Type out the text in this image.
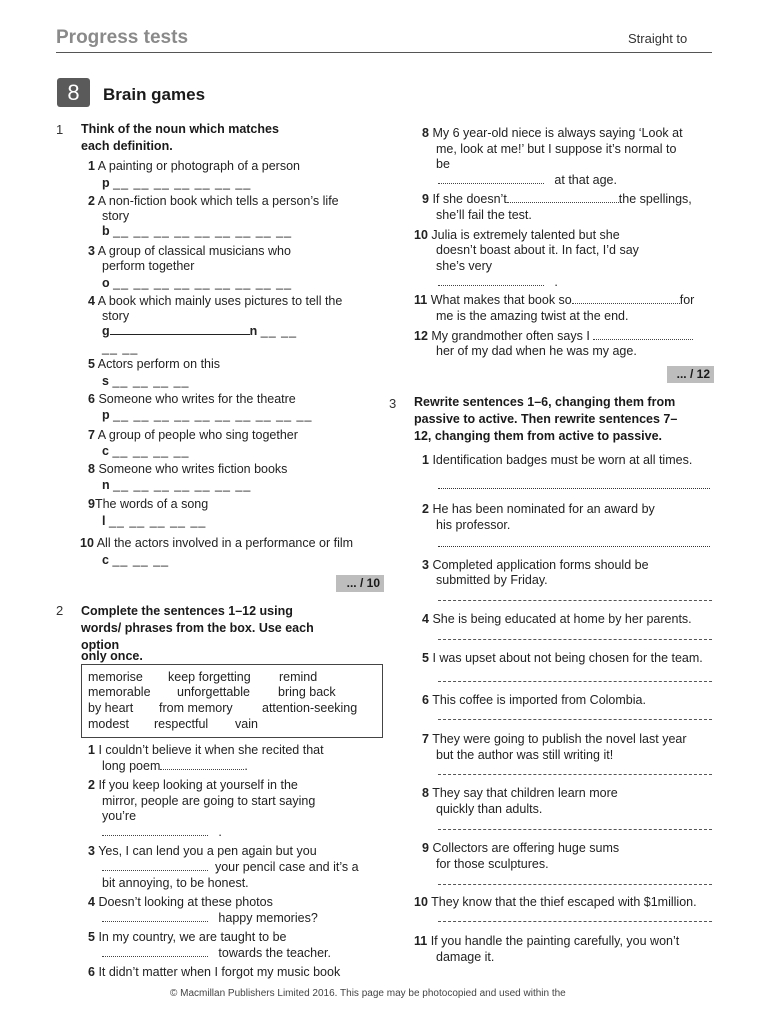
Progress tests	Straight to
8	Brain games
1 Think of the noun which matches
each definition.
1 A painting or photograph of a person
p __ __ __ __ __ __ __
2 A non-fiction book which tells a person’s life
story
b __ __ __ __ __ __ __ __ __
3 A group of classical musicians who
perform together
o __ __ __ __ __ __ __ __ __
4 A book which mainly uses pictures to tell the
story
g	n __ __
__ __
5 Actors perform on this
s __ __ __ __
6 Someone who writes for the theatre
p __ __ __ __ __ __ __ __ __ __
7 A group of people who sing together
c __ __ __ __
8 Someone who writes fiction books
n __ __ __ __ __ __ __
9The words of a song
l __ __ __ __ __
10 All the actors involved in a performance or film
c __ __ __
... / 10
2 Complete the sentences 1–12 using
words/ phrases from the box. Use each
option
only once.
memorise keep forgetting remind
memorable unforgettable bring back
by heart from memory attention-seeking
modest respectful vain
1 I couldn’t believe it when she recited that
long poem	.
2 If you keep looking at yourself in the
mirror, people are going to start saying
you’re
.
3 Yes, I can lend you a pen again but you
your pencil case and it’s a
bit annoying, to be honest.
4 Doesn’t looking at these photos
happy memories?
5 In my country, we are taught to be
towards the teacher.
6 It didn’t matter when I forgot my music book
8 My 6 year-old niece is always saying ‘Look at
me, look at me!’ but I suppose it’s normal to
be
at that age.
9 If she doesn’t	the spellings,
she’ll fail the test.
10 Julia is extremely talented but she
doesn’t boast about it. In fact, I’d say
she’s very
.
11 What makes that book so	for
me is the amazing twist at the end.
12 My grandmother often says I
her of my dad when he was my age.
... / 12
3 Rewrite sentences 1–6, changing them from
passive to active. Then rewrite sentences 7–
12, changing them from active to passive.
1 Identification badges must be worn at all times.
2 He has been nominated for an award by
his professor.
3 Completed application forms should be
submitted by Friday.
4 She is being educated at home by her parents.
5 I was upset about not being chosen for the team.
6 This coffee is imported from Colombia.
7 They were going to publish the novel last year
but the author was still writing it!
8 They say that children learn more
quickly than adults.
9 Collectors are offering huge sums
for those sculptures.
10 They know that the thief escaped with $1million.
11 If you handle the painting carefully, you won’t
damage it.
© Macmillan Publishers Limited 2016. This page may be photocopied and used within the
